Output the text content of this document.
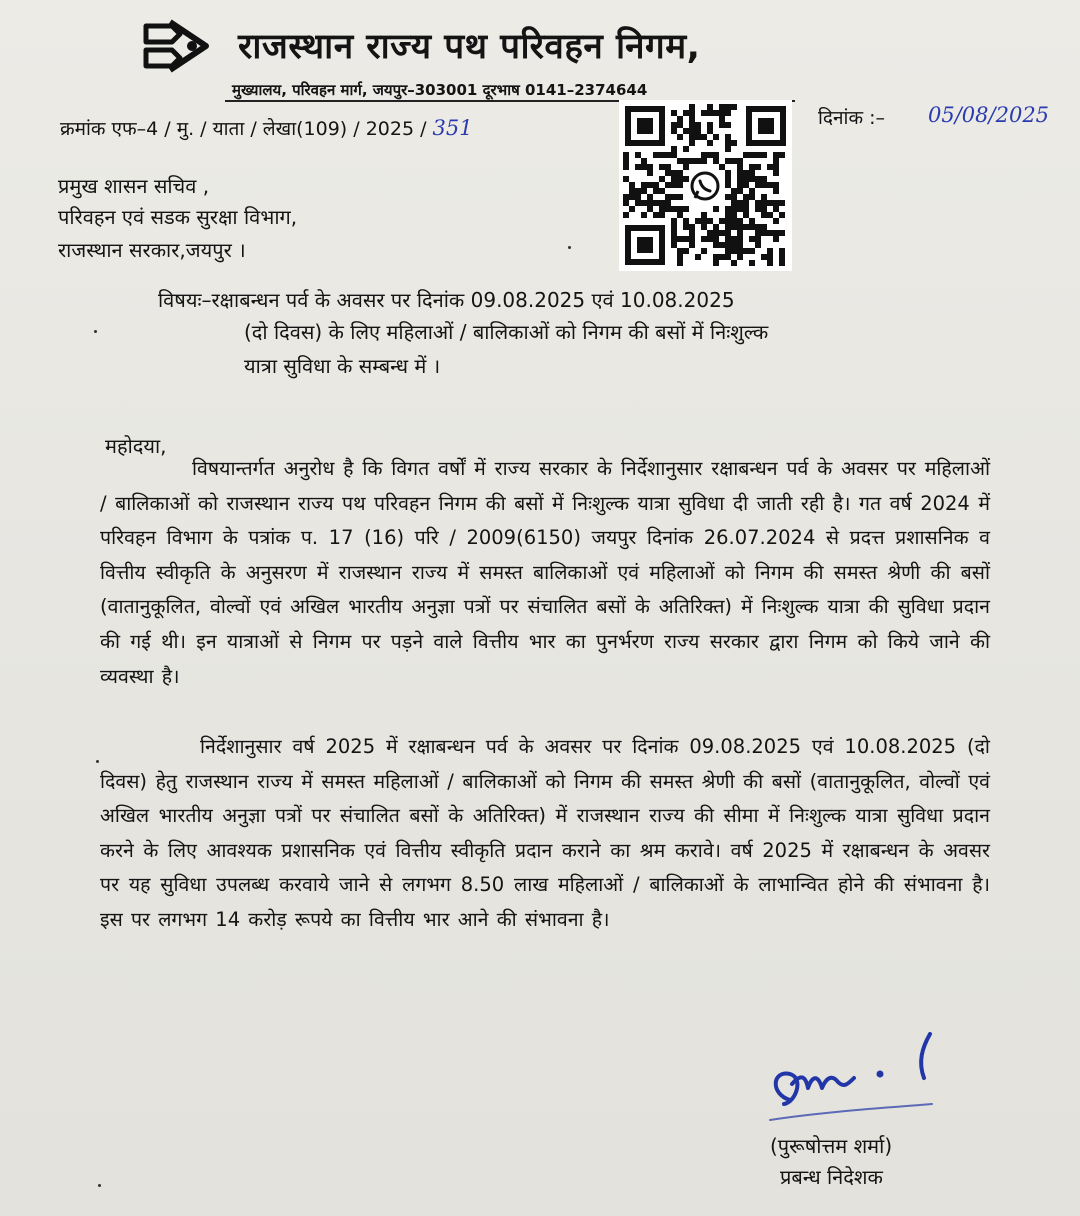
राजस्थान राज्य पथ परिवहन निगम,
मुख्यालय, परिवहन मार्ग, जयपुर–303001 दूरभाष 0141–2374644
क्रमांक एफ–4 / मु. / याता / लेखा(109) / 2025 / 351	दिनांक :– 05/08/2025
प्रमुख शासन सचिव ,
परिवहन एवं सडक सुरक्षा विभाग,
राजस्थान सरकार,जयपुर ।
विषयः–रक्षाबन्धन पर्व के अवसर पर दिनांक 09.08.2025 एवं 10.08.2025
(दो दिवस) के लिए महिलाओं / बालिकाओं को निगम की बसों में निःशुल्क
यात्रा सुविधा के सम्बन्ध में ।
महोदया,
विषयान्तर्गत अनुरोध है कि विगत वर्षों में राज्य सरकार के निर्देशानुसार रक्षाबन्धन पर्व के अवसर पर महिलाओं / बालिकाओं को राजस्थान राज्य पथ परिवहन निगम की बसों में निःशुल्क यात्रा सुविधा दी जाती रही है। गत वर्ष 2024 में परिवहन विभाग के पत्रांक प. 17 (16) परि / 2009(6150) जयपुर दिनांक 26.07.2024 से प्रदत्त प्रशासनिक व वित्तीय स्वीकृति के अनुसरण में राजस्थान राज्य में समस्त बालिकाओं एवं महिलाओं को निगम की समस्त श्रेणी की बसों (वातानुकूलित, वोल्वों एवं अखिल भारतीय अनुज्ञा पत्रों पर संचालित बसों के अतिरिक्त) में निःशुल्क यात्रा की सुविधा प्रदान की गई थी। इन यात्राओं से निगम पर पड़ने वाले वित्तीय भार का पुनर्भरण राज्य सरकार द्वारा निगम को किये जाने की व्यवस्था है।
निर्देशानुसार वर्ष 2025 में रक्षाबन्धन पर्व के अवसर पर दिनांक 09.08.2025 एवं 10.08.2025 (दो दिवस) हेतु राजस्थान राज्य में समस्त महिलाओं / बालिकाओं को निगम की समस्त श्रेणी की बसों (वातानुकूलित, वोल्वों एवं अखिल भारतीय अनुज्ञा पत्रों पर संचालित बसों के अतिरिक्त) में राजस्थान राज्य की सीमा में निःशुल्क यात्रा सुविधा प्रदान करने के लिए आवश्यक प्रशासनिक एवं वित्तीय स्वीकृति प्रदान कराने का श्रम करावे। वर्ष 2025 में रक्षाबन्धन के अवसर पर यह सुविधा उपलब्ध करवाये जाने से लगभग 8.50 लाख महिलाओं / बालिकाओं के लाभान्वित होने की संभावना है। इस पर लगभग 14 करोड़ रूपये का वित्तीय भार आने की संभावना है।
(पुरूषोत्तम शर्मा)
प्रबन्ध निदेशक
